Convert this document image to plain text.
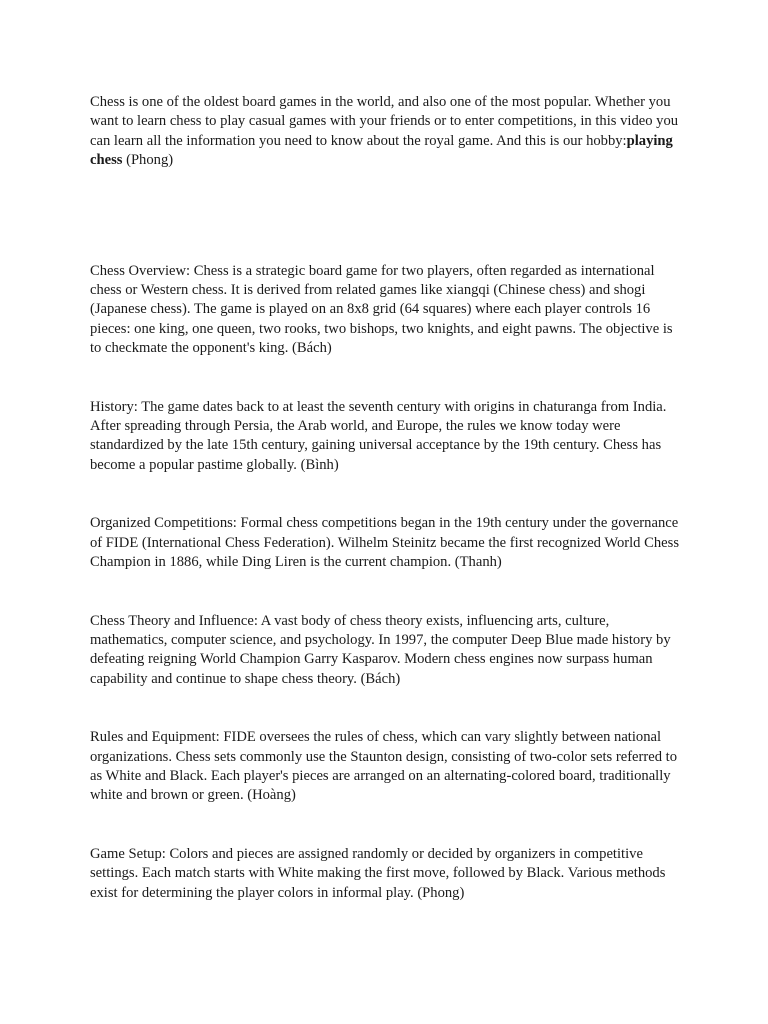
Chess is one of the oldest board games in the world, and also one of the most popular. Whether you want to learn chess to play casual games with your friends or to enter competitions, in this video you can learn all the information you need to know about the royal game. And this is our hobby:playing chess (Phong)

Chess Overview: Chess is a strategic board game for two players, often regarded as international chess or Western chess. It is derived from related games like xiangqi (Chinese chess) and shogi (Japanese chess). The game is played on an 8x8 grid (64 squares) where each player controls 16 pieces: one king, one queen, two rooks, two bishops, two knights, and eight pawns. The objective is to checkmate the opponent's king. (Bách)

History: The game dates back to at least the seventh century with origins in chaturanga from India. After spreading through Persia, the Arab world, and Europe, the rules we know today were standardized by the late 15th century, gaining universal acceptance by the 19th century. Chess has become a popular pastime globally. (Bình)

Organized Competitions: Formal chess competitions began in the 19th century under the governance of FIDE (International Chess Federation). Wilhelm Steinitz became the first recognized World Chess Champion in 1886, while Ding Liren is the current champion. (Thanh)

Chess Theory and Influence: A vast body of chess theory exists, influencing arts, culture, mathematics, computer science, and psychology. In 1997, the computer Deep Blue made history by defeating reigning World Champion Garry Kasparov. Modern chess engines now surpass human capability and continue to shape chess theory. (Bách)

Rules and Equipment: FIDE oversees the rules of chess, which can vary slightly between national organizations. Chess sets commonly use the Staunton design, consisting of two-color sets referred to as White and Black. Each player's pieces are arranged on an alternating-colored board, traditionally white and brown or green. (Hoàng)

Game Setup: Colors and pieces are assigned randomly or decided by organizers in competitive settings. Each match starts with White making the first move, followed by Black. Various methods exist for determining the player colors in informal play. (Phong)
